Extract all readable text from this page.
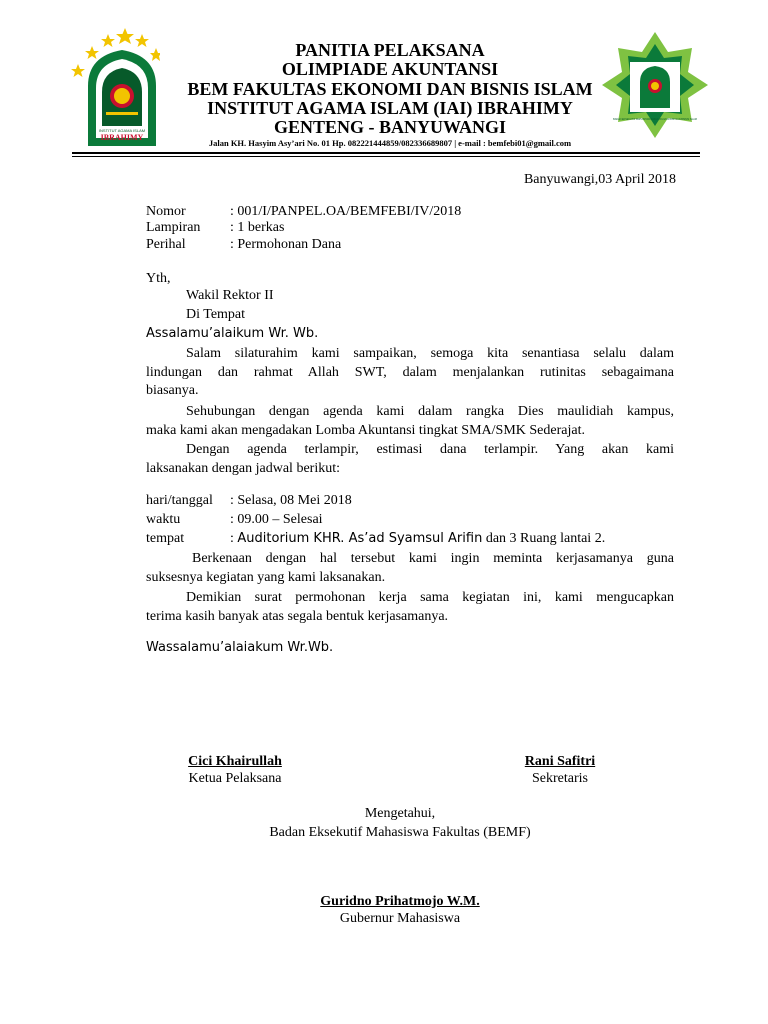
INSTITUT AGAMA ISLAM
IBRAHIMY
BADAN EKSEKUTIF MAHASISWA FAKULTAS EKONOMI DAN BISNIS ISLAM
PANITIA PELAKSANA
OLIMPIADE AKUNTANSI
BEM FAKULTAS EKONOMI DAN BISNIS ISLAM
INSTITUT AGAMA ISLAM (IAI) IBRAHIMY
GENTENG - BANYUWANGI
Jalan KH. Hasyim Asy’ari No. 01 Hp. 082221444859/082336689807 | e-mail : bemfebi01@gmail.com
Banyuwangi,03 April 2018
Nomor	: 001/I/PANPEL.OA/BEMFEBI/IV/2018
Lampiran : 1 berkas
Perihal	: Permohonan Dana
Yth,
Wakil Rektor II
Di Tempat
Assalamu’alaikum Wr. Wb.
Salam silaturahim kami sampaikan, semoga kita senantiasa selalu dalam
lindungan dan rahmat Allah SWT, dalam menjalankan rutinitas sebagaimana
biasanya.
Sehubungan dengan agenda kami dalam rangka Dies maulidiah kampus,
maka kami akan mengadakan Lomba Akuntansi tingkat SMA/SMK Sederajat.
Dengan agenda terlampir, estimasi dana terlampir. Yang akan kami
laksanakan dengan jadwal berikut:
hari/tanggal : Selasa, 08 Mei 2018
waktu	: 09.00 – Selesai
tempat	: Auditorium KHR. As’ad Syamsul Arifin dan 3 Ruang lantai 2.
Berkenaan dengan hal tersebut kami ingin meminta kerjasamanya guna
suksesnya kegiatan yang kami laksanakan.
Demikian surat permohonan kerja sama kegiatan ini, kami mengucapkan
terima kasih banyak atas segala bentuk kerjasamanya.
Wassalamu’alaiakum Wr.Wb.
Cici Khairullah
Ketua Pelaksana
Rani Safitri
Sekretaris
Mengetahui,
Badan Eksekutif Mahasiswa Fakultas (BEMF)
Guridno Prihatmojo W.M.
Gubernur Mahasiswa
